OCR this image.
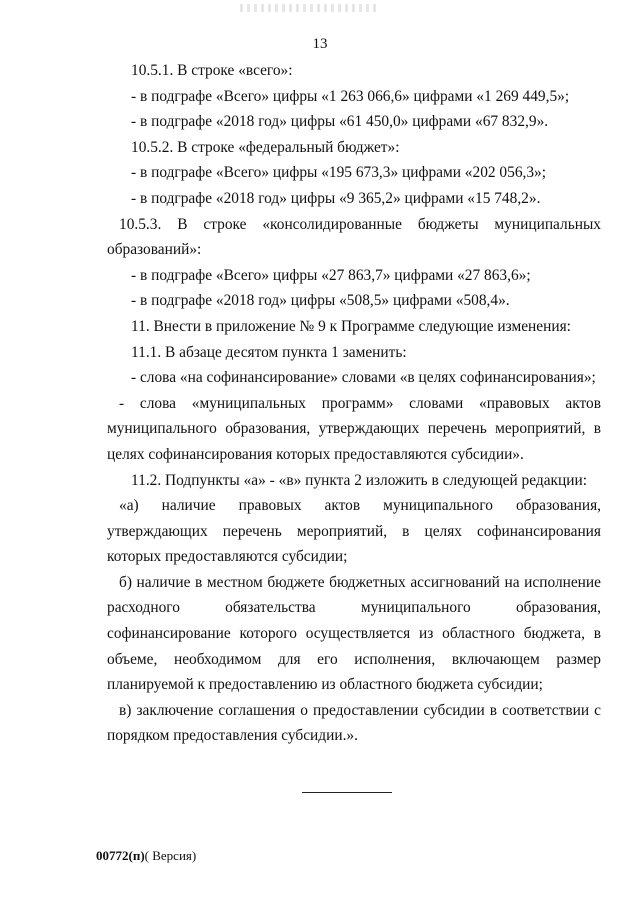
13

10.5.1. В строке «всего»:

- в подграфе «Всего» цифры «1 263 066,6» цифрами «1 269 449,5»;

- в подграфе «2018 год» цифры «61 450,0» цифрами «67 832,9».

10.5.2. В строке «федеральный бюджет»:

- в подграфе «Всего» цифры «195 673,3» цифрами «202 056,3»;

- в подграфе «2018 год» цифры «9 365,2» цифрами «15 748,2».

10.5.3. В строке «консолидированные бюджеты муниципальных образований»:

- в подграфе «Всего» цифры «27 863,7» цифрами «27 863,6»;

- в подграфе «2018 год» цифры «508,5» цифрами «508,4».

11. Внести в приложение № 9 к Программе следующие изменения:

11.1. В абзаце десятом пункта 1 заменить:

- слова «на софинансирование» словами «в целях софинансирования»;

- слова «муниципальных программ» словами «правовых актов муниципального образования, утверждающих перечень мероприятий, в целях софинансирования которых предоставляются субсидии».

11.2. Подпункты «а» - «в» пункта 2 изложить в следующей редакции:

«а) наличие правовых актов муниципального образования, утверждающих перечень мероприятий, в целях софинансирования которых предоставляются субсидии;

б) наличие в местном бюджете бюджетных ассигнований на исполнение расходного обязательства муниципального образования, софинансирование которого осуществляется из областного бюджета, в объеме, необходимом для его исполнения, включающем размер планируемой к предоставлению из областного бюджета субсидии;

в) заключение соглашения о предоставлении субсидии в соответствии с порядком предоставления субсидии.».

00772(п)( Версия)
